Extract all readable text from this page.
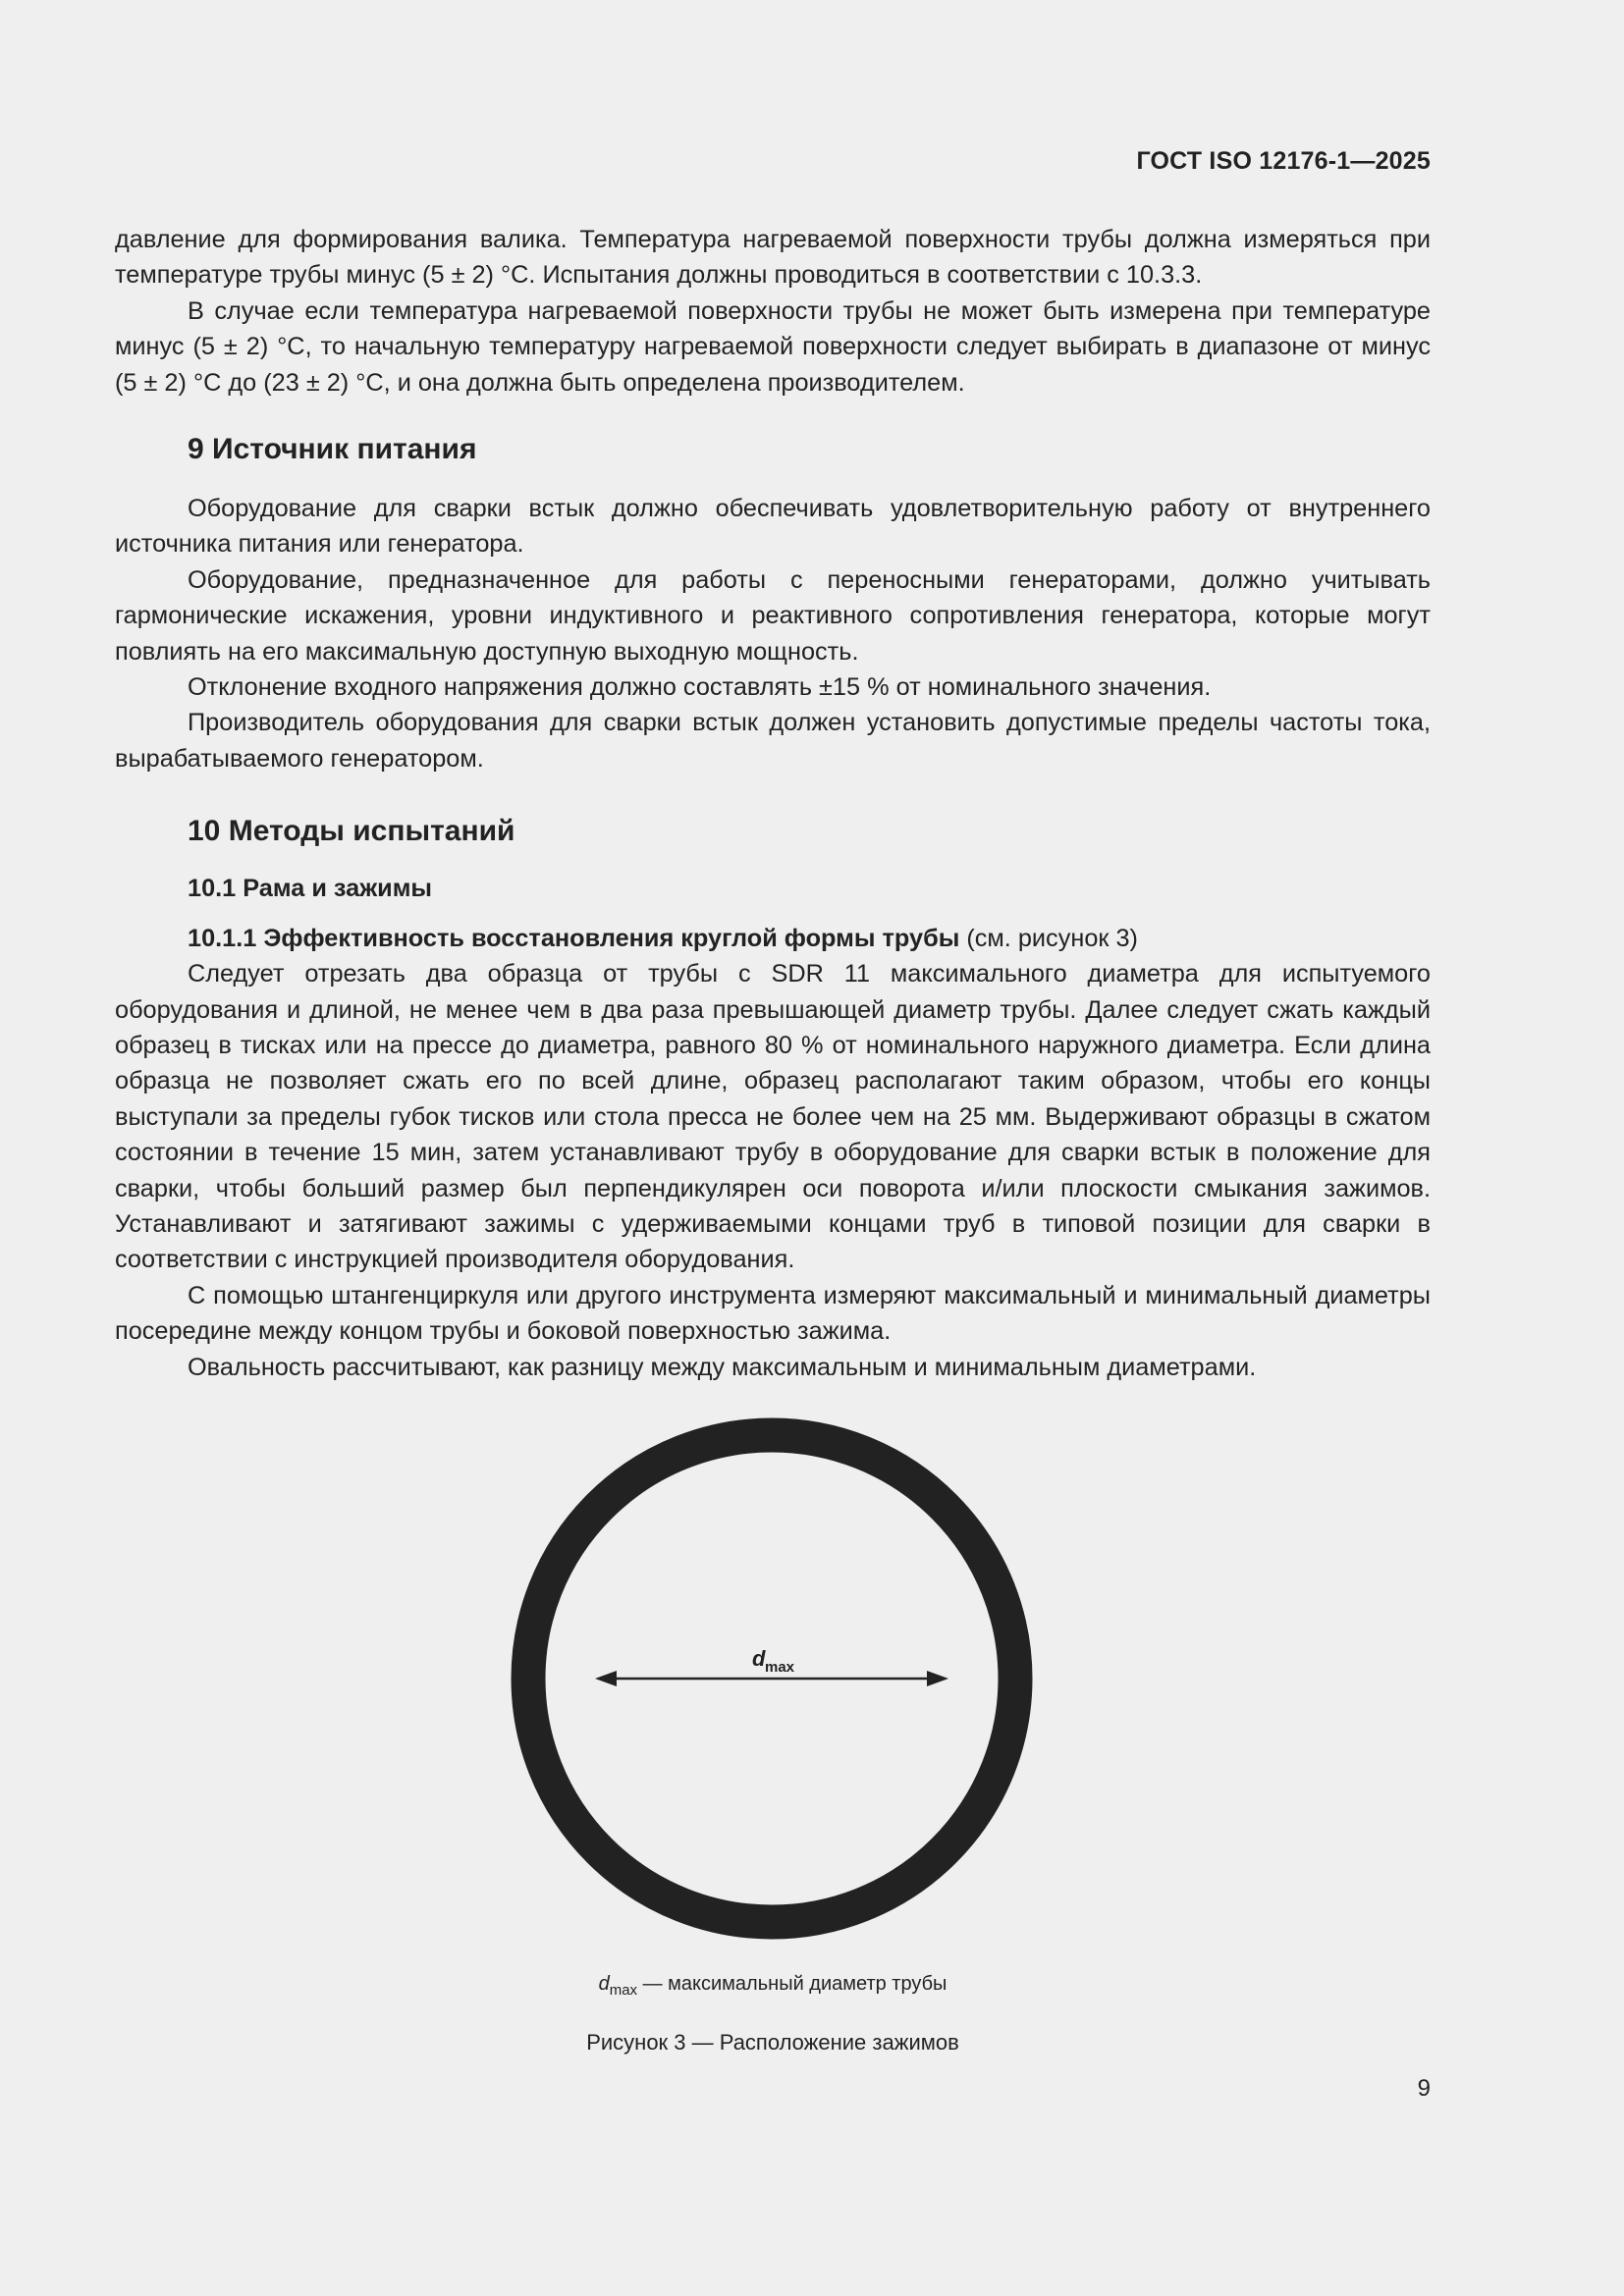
ГОСТ ISO 12176-1—2025

давление для формирования валика. Температура нагреваемой поверхности трубы должна измеряться при температуре трубы минус (5 ± 2) °С. Испытания должны проводиться в соответствии с 10.3.3.

В случае если температура нагреваемой поверхности трубы не может быть измерена при температуре минус (5 ± 2) °С, то начальную температуру нагреваемой поверхности следует выбирать в диапазоне от минус (5 ± 2) °С до (23 ± 2) °С, и она должна быть определена производителем.

9 Источник питания

Оборудование для сварки встык должно обеспечивать удовлетворительную работу от внутреннего источника питания или генератора.

Оборудование, предназначенное для работы с переносными генераторами, должно учитывать гармонические искажения, уровни индуктивного и реактивного сопротивления генератора, которые могут повлиять на его максимальную доступную выходную мощность.

Отклонение входного напряжения должно составлять ±15 % от номинального значения.

Производитель оборудования для сварки встык должен установить допустимые пределы частоты тока, вырабатываемого генератором.

10 Методы испытаний
10.1 Рама и зажимы

10.1.1 Эффективность восстановления круглой формы трубы (см. рисунок 3)

Следует отрезать два образца от трубы с SDR 11 максимального диаметра для испытуемого оборудования и длиной, не менее чем в два раза превышающей диаметр трубы. Далее следует сжать каждый образец в тисках или на прессе до диаметра, равного 80 % от номинального наружного диаметра. Если длина образца не позволяет сжать его по всей длине, образец располагают таким образом, чтобы его концы выступали за пределы губок тисков или стола пресса не более чем на 25 мм. Выдерживают образцы в сжатом состоянии в течение 15 мин, затем устанавливают трубу в оборудование для сварки встык в положение для сварки, чтобы больший размер был перпендикулярен оси поворота и/или плоскости смыкания зажимов. Устанавливают и затягивают зажимы с удерживаемыми концами труб в типовой позиции для сварки в соответствии с инструкцией производителя оборудования.

С помощью штангенциркуля или другого инструмента измеряют максимальный и минимальный диаметры посередине между концом трубы и боковой поверхностью зажима.

Овальность рассчитывают, как разницу между максимальным и минимальным диаметрами.

d max
$d_{max}$ — максимальный диаметр трубы
Рисунок 3 — Расположение зажимов
9
